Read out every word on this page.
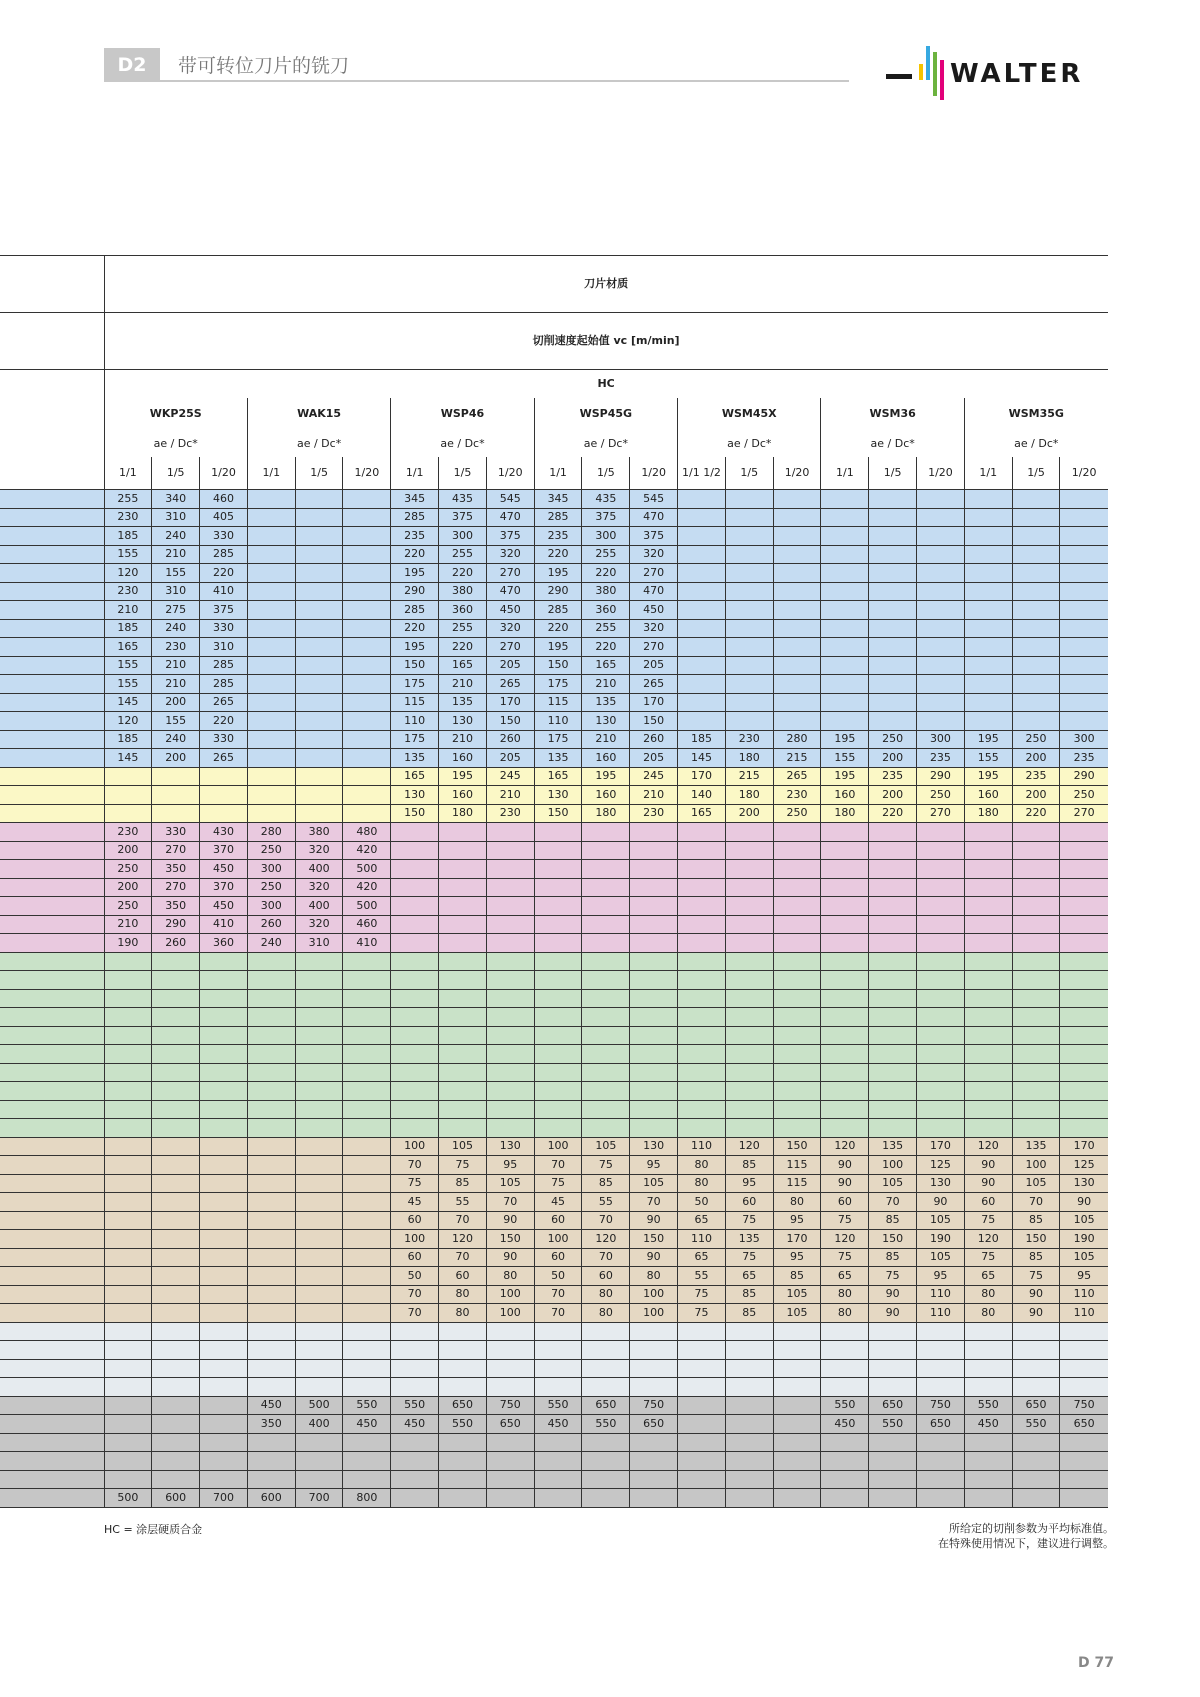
D2	带可转位刀片的铣刀	WALTER
	刀片材质																				
	切削速度起始值 vc [m/min]																				
	HC																				
	WKP25S			WAK15			WSP46			WSP45G			WSM45X			WSM36			WSM35G		
	ae / Dc*			ae / Dc*			ae / Dc*			ae / Dc*			ae / Dc*			ae / Dc*			ae / Dc*		
	1/1	1/5	1/20	1/1	1/5	1/20	1/1	1/5	1/20	1/1	1/5	1/20	1/1 1/2	1/5	1/20	1/1	1/5	1/20	1/1	1/5	1/20
	255	340	460				345	435	545	345	435	545									
	230	310	405				285	375	470	285	375	470									
	185	240	330				235	300	375	235	300	375									
	155	210	285				220	255	320	220	255	320									
	120	155	220				195	220	270	195	220	270									
	230	310	410				290	380	470	290	380	470									
	210	275	375				285	360	450	285	360	450									
	185	240	330				220	255	320	220	255	320									
	165	230	310				195	220	270	195	220	270									
	155	210	285				150	165	205	150	165	205									
	155	210	285				175	210	265	175	210	265									
	145	200	265				115	135	170	115	135	170									
	120	155	220				110	130	150	110	130	150									
	185	240	330				175	210	260	175	210	260	185	230	280	195	250	300	195	250	300
	145	200	265				135	160	205	135	160	205	145	180	215	155	200	235	155	200	235
							165	195	245	165	195	245	170	215	265	195	235	290	195	235	290
							130	160	210	130	160	210	140	180	230	160	200	250	160	200	250
							150	180	230	150	180	230	165	200	250	180	220	270	180	220	270
	230	330	430	280	380	480															
	200	270	370	250	320	420															
	250	350	450	300	400	500															
	200	270	370	250	320	420															
	250	350	450	300	400	500															
	210	290	410	260	320	460															
	190	260	360	240	310	410															

							100	105	130	100	105	130	110	120	150	120	135	170	120	135	170
							70	75	95	70	75	95	80	85	115	90	100	125	90	100	125
							75	85	105	75	85	105	80	95	115	90	105	130	90	105	130
							45	55	70	45	55	70	50	60	80	60	70	90	60	70	90
							60	70	90	60	70	90	65	75	95	75	85	105	75	85	105
							100	120	150	100	120	150	110	135	170	120	150	190	120	150	190
							60	70	90	60	70	90	65	75	95	75	85	105	75	85	105
							50	60	80	50	60	80	55	65	85	65	75	95	65	75	95
							70	80	100	70	80	100	75	85	105	80	90	110	80	90	110
							70	80	100	70	80	100	75	85	105	80	90	110	80	90	110

				450	500	550	550	650	750	550	650	750				550	650	750	550	650	750
				350	400	450	450	550	650	450	550	650				450	550	650	450	550	650

	500	600	700	600	700	800															
HC = 涂层硬质合金	所给定的切削参数为平均标准值。
在特殊使用情况下，建议进行调整。
D 77
